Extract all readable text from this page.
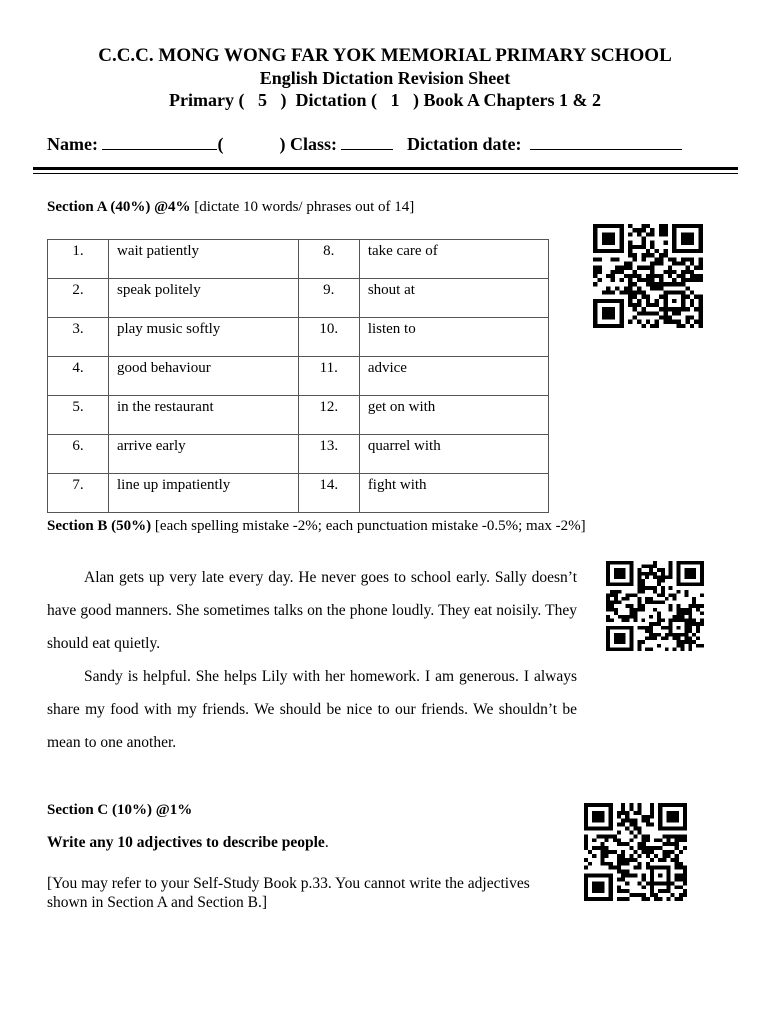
C.C.C. MONG WONG FAR YOK MEMORIAL PRIMARY SCHOOL
English Dictation Revision Sheet
Primary ( 5 )  Dictation ( 1 ) Book A Chapters 1 & 2
Name:	(	) Class:	Dictation date:
Section A (40%) @4% [dictate 10 words/ phrases out of 14]
1.	wait patiently	8.	take care of
2.	speak politely	9.	shout at
3.	play music softly	10.	listen to
4.	good behaviour	11.	advice
5.	in the restaurant	12.	get on with
6.	arrive early	13.	quarrel with
7.	line up impatiently	14.	fight with
Section B (50%) [each spelling mistake -2%; each punctuation mistake -0.5%; max -2%]

Alan gets up very late every day. He never goes to school early. Sally doesn’t have good manners. She sometimes talks on the phone loudly. They eat noisily. They should eat quietly.

Sandy is helpful. She helps Lily with her homework. I am generous. I always share my food with my friends. We should be nice to our friends. We shouldn’t be mean to one another.

Section C (10%) @1%
Write any 10 adjectives to describe people.
[You may refer to your Self-Study Book p.33. You cannot write the adjectives shown in Section A and Section B.]
